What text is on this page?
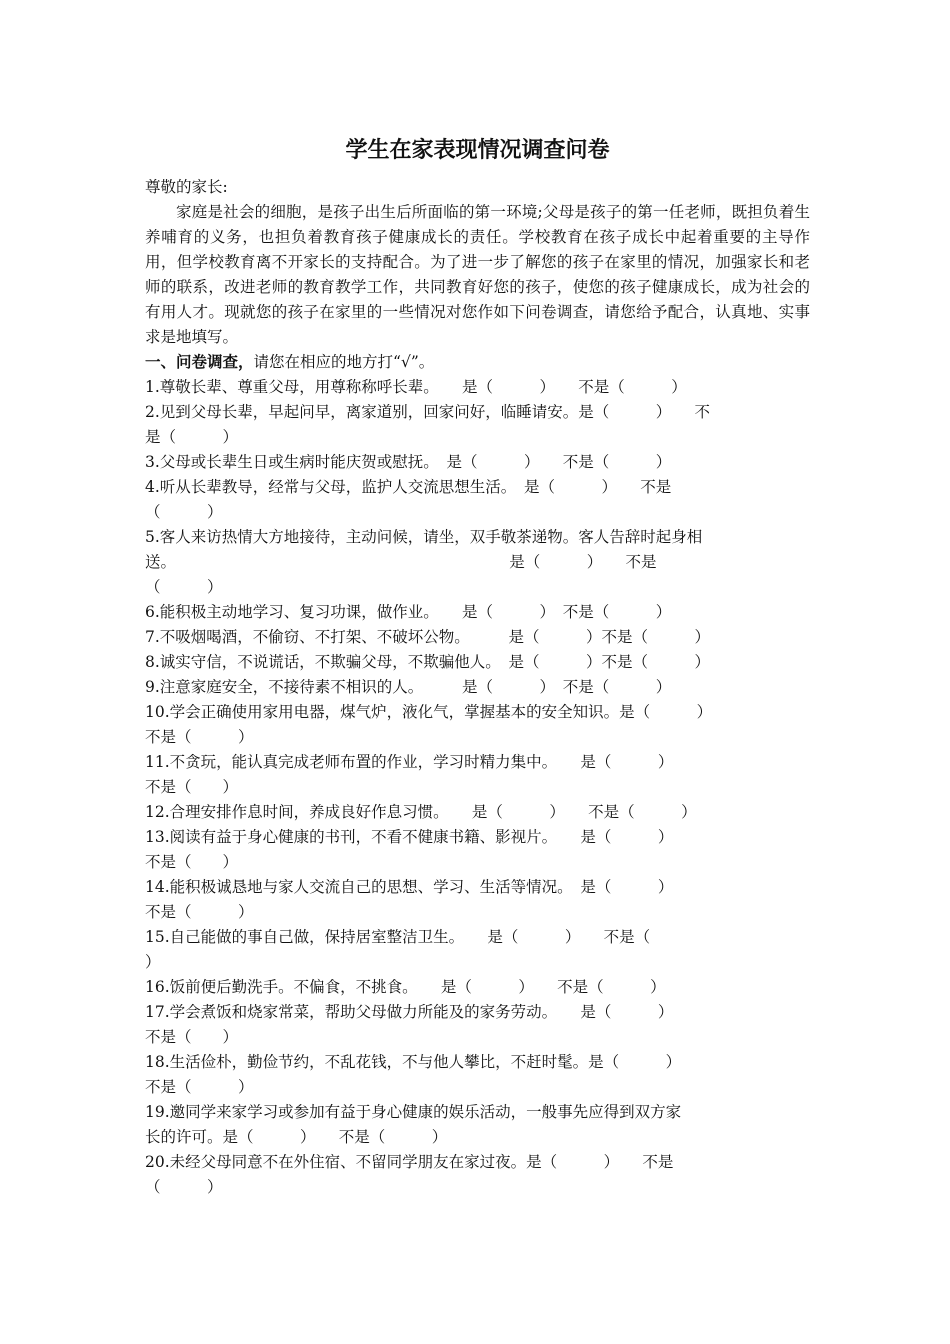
学生在家表现情况调查问卷
尊敬的家长:

家庭是社会的细胞，是孩子出生后所面临的第一环境;父母是孩子的第一任老师，既担负着生养哺育的义务，也担负着教育孩子健康成长的责任。学校教育在孩子成长中起着重要的主导作用，但学校教育离不开家长的支持配合。为了进一步了解您的孩子在家里的情况，加强家长和老师的联系，改进老师的教育教学工作，共同教育好您的孩子，使您的孩子健康成长，成为社会的有用人才。现就您的孩子在家里的一些情况对您作如下问卷调查，请您给予配合，认真地、实事求是地填写。

一、问卷调查，请您在相应的地方打“√”。
1.尊敬长辈、尊重父母，用尊称称呼长辈。　　是（　　　）　　不是（　　　）
2.见到父母长辈，早起问早，离家道别，回家问好，临睡请安。是（　　　）　　不
是（　　　）
3.父母或长辈生日或生病时能庆贺或慰抚。　是（　　　）　　不是（　　　）
4.听从长辈教导，经常与父母，监护人交流思想生活。　是（　　　）　　不是
（　　　）
5.客人来访热情大方地接待，主动问候，请坐，双手敬茶递物。客人告辞时起身相
送。　　　　　　　　　　　　　　　　　　　　　　是（　　　）　　不是
（　　　）
6.能积极主动地学习、复习功课，做作业。　　是（　　　）　不是（　　　）
7.不吸烟喝酒，不偷窃、不打架、不破坏公物。　　　是（　　　）不是（　　　）
8.诚实守信，不说谎话，不欺骗父母，不欺骗他人。　是（　　　）不是（　　　）
9.注意家庭安全，不接待素不相识的人。　　　是（　　　）　不是（　　　）
10.学会正确使用家用电器，煤气炉，液化气，掌握基本的安全知识。是（　　　）
不是（　　　）
11.不贪玩，能认真完成老师布置的作业，学习时精力集中。　　是（　　　）
不是（　　）
12.合理安排作息时间，养成良好作息习惯。　　是（　　　）　　不是（　　　）
13.阅读有益于身心健康的书刊，不看不健康书籍、影视片。　　是（　　　）
不是（　　）
14.能积极诚恳地与家人交流自己的思想、学习、生活等情况。　是（　　　）
不是（　　　）
15.自己能做的事自己做，保持居室整洁卫生。　　是（　　　）　　不是（
）
16.饭前便后勤洗手。不偏食，不挑食。　　是（　　　）　　不是（　　　）
17.学会煮饭和烧家常菜，帮助父母做力所能及的家务劳动。　　是（　　　）
不是（　　）
18.生活俭朴，勤俭节约，不乱花钱，不与他人攀比，不赶时髦。是（　　　）
不是（　　　）
19.邀同学来家学习或参加有益于身心健康的娱乐活动，一般事先应得到双方家
长的许可。是（　　　）　　不是（　　　）
20.未经父母同意不在外住宿、不留同学朋友在家过夜。是（　　　）　　不是
（　　　）
